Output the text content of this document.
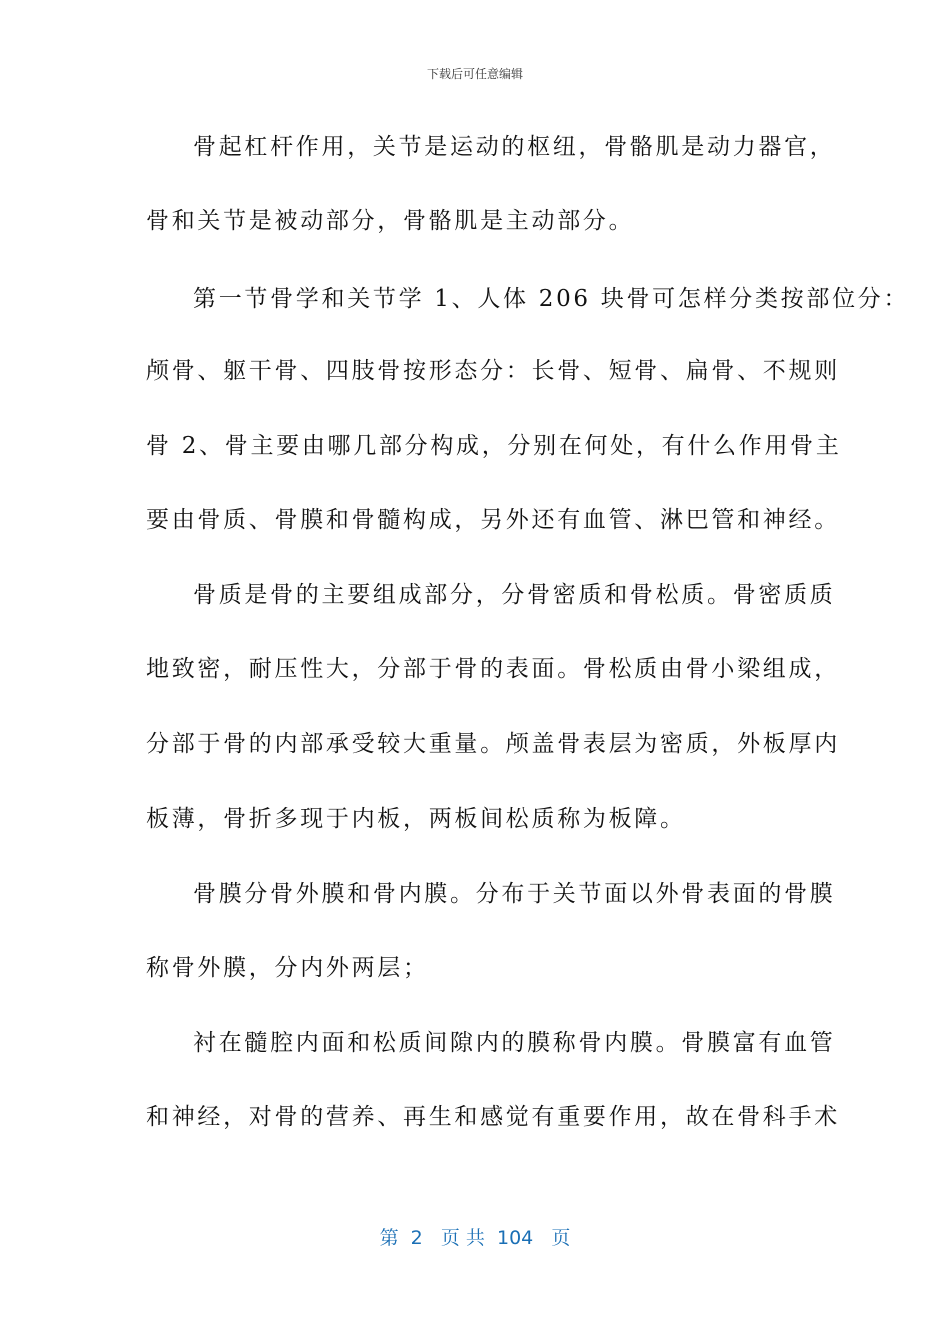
下载后可任意编辑
骨起杠杆作用，关节是运动的枢纽，骨骼肌是动力器官，
骨和关节是被动部分，骨骼肌是主动部分。
第一节骨学和关节学 1、人体 206 块骨可怎样分类按部位分：
颅骨、躯干骨、四肢骨按形态分：长骨、短骨、扁骨、不规则
骨 2、骨主要由哪几部分构成，分别在何处，有什么作用骨主
要由骨质、骨膜和骨髓构成，另外还有血管、淋巴管和神经。
骨质是骨的主要组成部分，分骨密质和骨松质。骨密质质
地致密，耐压性大，分部于骨的表面。骨松质由骨小梁组成，
分部于骨的内部承受较大重量。颅盖骨表层为密质，外板厚内
板薄，骨折多现于内板，两板间松质称为板障。
骨膜分骨外膜和骨内膜。分布于关节面以外骨表面的骨膜
称骨外膜，分内外两层；
衬在髓腔内面和松质间隙内的膜称骨内膜。骨膜富有血管
和神经，对骨的营养、再生和感觉有重要作用，故在骨科手术
第  2   页 共  104   页
